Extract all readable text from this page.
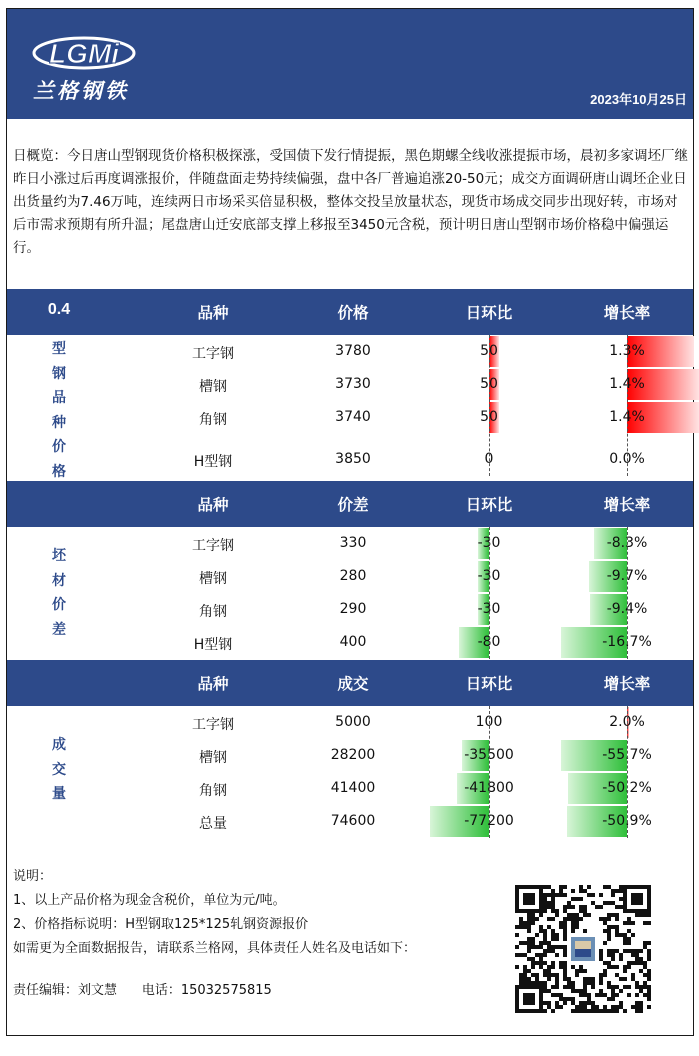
LGMi
兰格钢铁	2023年10月25日
日概览：今日唐山型钢现货价格积极探涨，受国债下发行情提振，黑色期螺全线收涨提振市场，晨初多家调坯厂继昨日小涨过后再度调涨报价，伴随盘面走势持续偏强，盘中各厂普遍追涨20-50元；成交方面调研唐山调坯企业日出货量约为7.46万吨，连续两日市场采买倍显积极，整体交投呈放量状态，现货市场成交同步出现好转，市场对后市需求预期有所升温；尾盘唐山迁安底部支撑上移报至3450元含税，预计明日唐山型钢市场价格稳中偏强运行。
0.4	品种	价格	日环比	增长率
型钢品种价格
工字钢	3780	50	1.3%
槽钢	3730	50	1.4%
角钢	3740	50	1.4%
H型钢	3850	0	0.0%
品种	价差	日环比	增长率
坯材价差
工字钢	330	-30	-8.3%
槽钢	280	-30	-9.7%
角钢	290	-30	-9.4%
H型钢	400	-80	-16.7%
品种	成交	日环比	增长率
成交量
工字钢	5000	100	2.0%
槽钢	28200	-35500	-55.7%
角钢	41400	-41800	-50.2%
总量	74600	-77200	-50.9%
说明：
1、以上产品价格为现金含税价，单位为元/吨。
2、价格指标说明：H型钢取125*125轧钢资源报价
如需更为全面数据报告，请联系兰格网，具体责任人姓名及电话如下：
责任编辑：刘文慧 电话：15032575815
